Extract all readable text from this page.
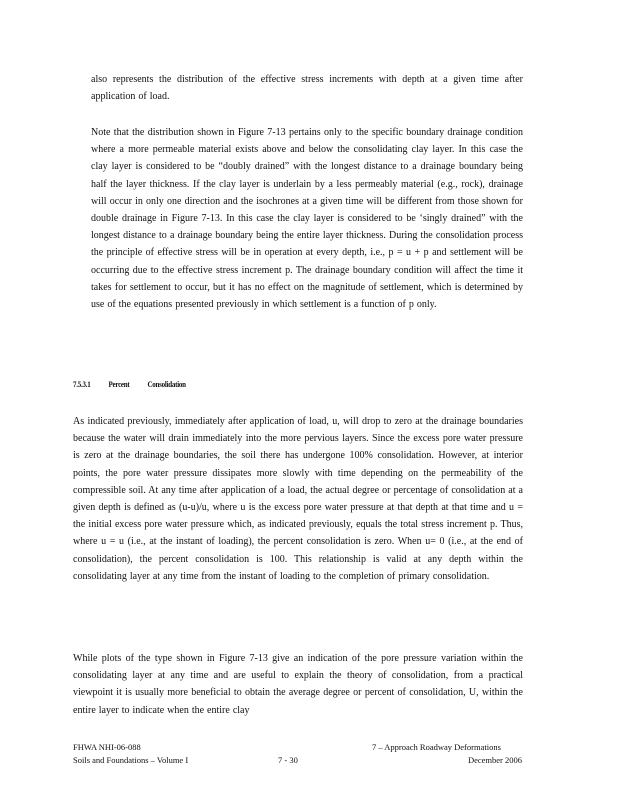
also represents the distribution of the effective stress increments with depth at a given time after application of load.

Note that the distribution shown in Figure 7-13 pertains only to the specific boundary drainage condition where a more permeable material exists above and below the consolidating clay layer. In this case the clay layer is considered to be “doubly drained” with the longest distance to a drainage boundary being half the layer thickness. If the clay layer is underlain by a less permeably material (e.g., rock), drainage will occur in only one direction and the isochrones at a given time will be different from those shown for double drainage in Figure 7-13. In this case the clay layer is considered to be ‘singly drained” with the longest distance to a drainage boundary being the entire layer thickness. During the consolidation process the principle of effective stress will be in operation at every depth, i.e., p = u + p and settlement will be occurring due to the effective stress increment p. The drainage boundary condition will affect the time it takes for settlement to occur, but it has no effect on the magnitude of settlement, which is determined by use of the equations presented previously in which settlement is a function of p only.

7.5.3.1 Percent Consolidation

As indicated previously, immediately after application of load, u, will drop to zero at the drainage boundaries because the water will drain immediately into the more pervious layers. Since the excess pore water pressure is zero at the drainage boundaries, the soil there has undergone 100% consolidation. However, at interior points, the pore water pressure dissipates more slowly with time depending on the permeability of the compressible soil. At any time after application of a load, the actual degree or percentage of consolidation at a given depth is defined as (u-u)/u, where u is the excess pore water pressure at that depth at that time and u = the initial excess pore water pressure which, as indicated previously, equals the total stress increment p. Thus, where u = u (i.e., at the instant of loading), the percent consolidation is zero. When u= 0 (i.e., at the end of consolidation), the percent consolidation is 100. This relationship is valid at any depth within the consolidating layer at any time from the instant of loading to the completion of primary consolidation.

While plots of the type shown in Figure 7-13 give an indication of the pore pressure variation within the consolidating layer at any time and are useful to explain the theory of consolidation, from a practical viewpoint it is usually more beneficial to obtain the average degree or percent of consolidation, U, within the entire layer to indicate when the entire clay

FHWA NHI-06-088
Soils and Foundations – Volume I	7 - 30
7 – Approach Roadway Deformations
December 2006
